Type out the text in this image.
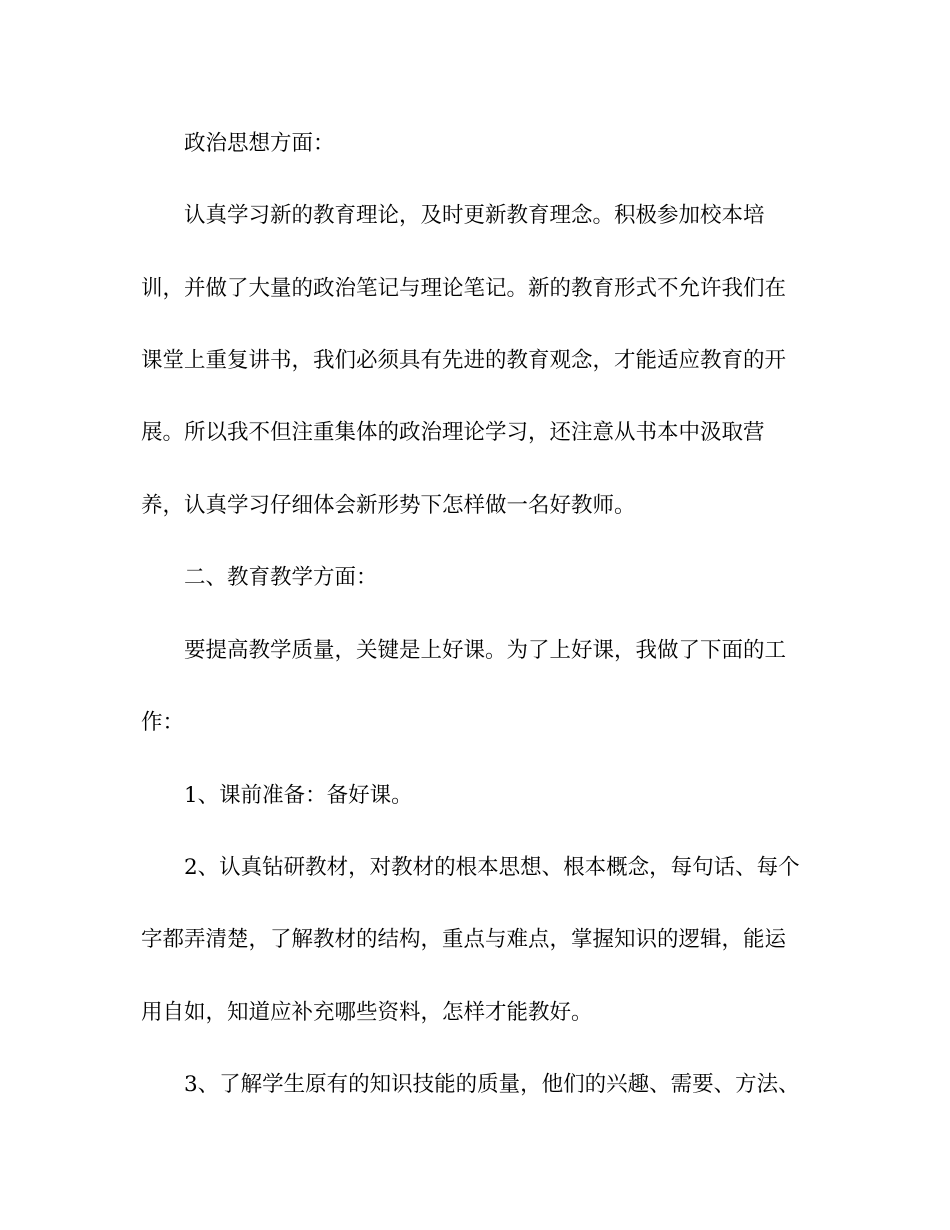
政治思想方面：

认真学习新的教育理论，及时更新教育理念。积极参加校本培

训，并做了大量的政治笔记与理论笔记。新的教育形式不允许我们在

课堂上重复讲书，我们必须具有先进的教育观念，才能适应教育的开

展。所以我不但注重集体的政治理论学习，还注意从书本中汲取营

养，认真学习仔细体会新形势下怎样做一名好教师。

二、教育教学方面：

要提高教学质量，关键是上好课。为了上好课，我做了下面的工

作：

1、课前准备：备好课。

2、认真钻研教材，对教材的根本思想、根本概念，每句话、每个

字都弄清楚，了解教材的结构，重点与难点，掌握知识的逻辑，能运

用自如，知道应补充哪些资料，怎样才能教好。

3、了解学生原有的知识技能的质量，他们的兴趣、需要、方法、
